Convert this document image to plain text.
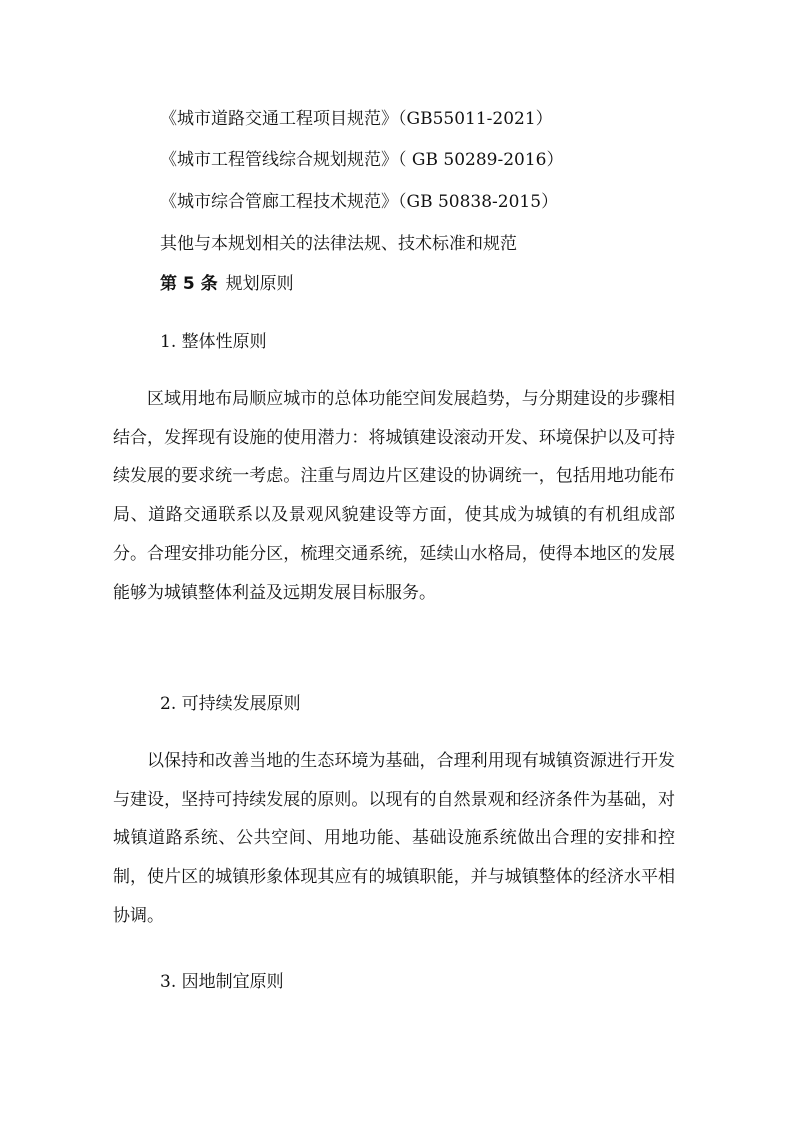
《城市道路交通工程项目规范》（GB55011-2021）
《城市工程管线综合规划规范》（ GB 50289-2016）
《城市综合管廊工程技术规范》（GB 50838-2015）
其他与本规划相关的法律法规、技术标准和规范
第 5 条 规划原则
1. 整体性原则

区域用地布局顺应城市的总体功能空间发展趋势，与分期建设的步骤相结合，发挥现有设施的使用潜力：将城镇建设滚动开发、环境保护以及可持续发展的要求统一考虑。注重与周边片区建设的协调统一，包括用地功能布局、道路交通联系以及景观风貌建设等方面，使其成为城镇的有机组成部分。合理安排功能分区，梳理交通系统，延续山水格局，使得本地区的发展能够为城镇整体利益及远期发展目标服务。

2. 可持续发展原则

以保持和改善当地的生态环境为基础，合理利用现有城镇资源进行开发与建设，坚持可持续发展的原则。以现有的自然景观和经济条件为基础，对城镇道路系统、公共空间、用地功能、基础设施系统做出合理的安排和控制，使片区的城镇形象体现其应有的城镇职能，并与城镇整体的经济水平相协调。

3. 因地制宜原则
